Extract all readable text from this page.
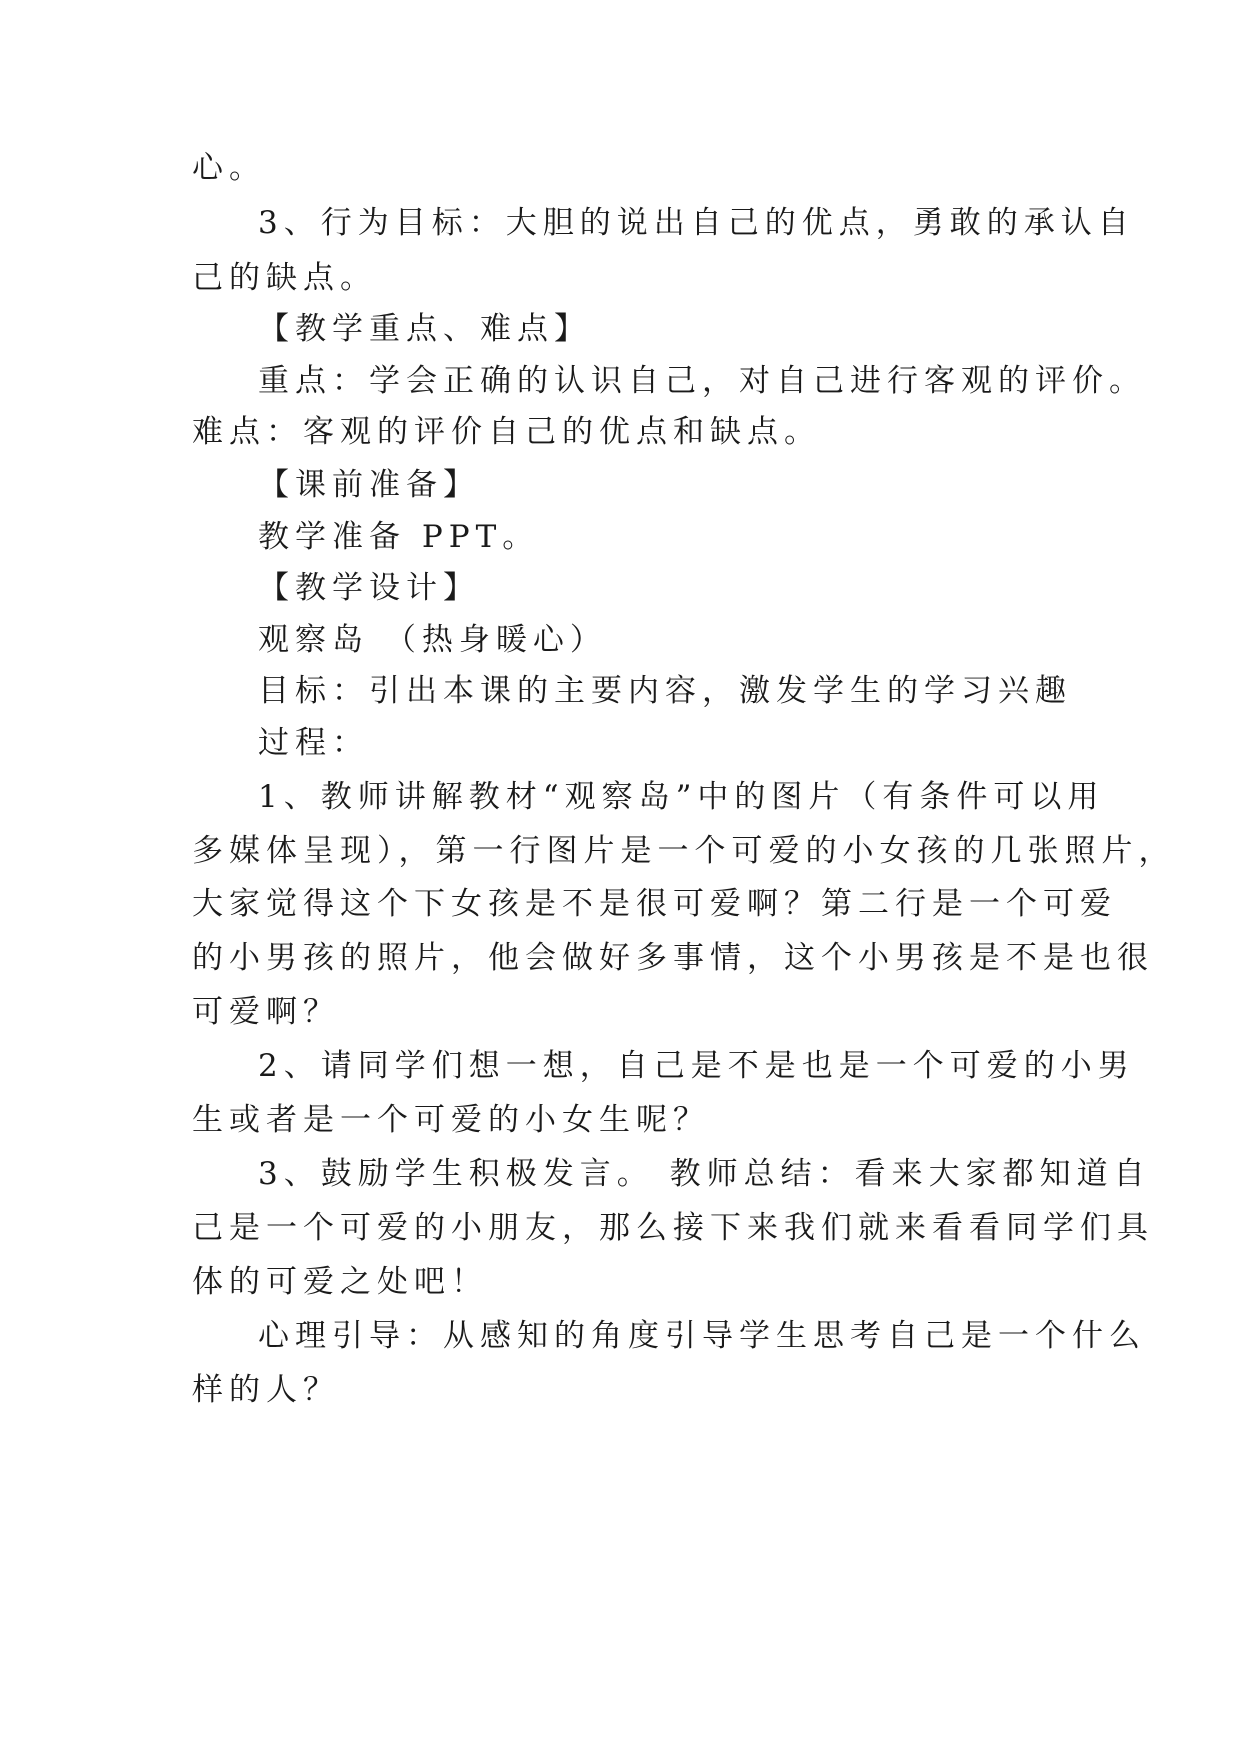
心。
3、行为目标：大胆的说出自己的优点，勇敢的承认自
己的缺点。
【教学重点、难点】
重点：学会正确的认识自己，对自己进行客观的评价。
难点：客观的评价自己的优点和缺点。
【课前准备】
教学准备 PPT。
【教学设计】
观察岛 （热身暖心）
目标：引出本课的主要内容，激发学生的学习兴趣
过程：
1、教师讲解教材“观察岛”中的图片（有条件可以用
多媒体呈现），第一行图片是一个可爱的小女孩的几张照片，
大家觉得这个下女孩是不是很可爱啊？第二行是一个可爱
的小男孩的照片，他会做好多事情，这个小男孩是不是也很
可爱啊？
2、请同学们想一想，自己是不是也是一个可爱的小男
生或者是一个可爱的小女生呢？
3、鼓励学生积极发言。 教师总结：看来大家都知道自
己是一个可爱的小朋友，那么接下来我们就来看看同学们具
体的可爱之处吧！
心理引导：从感知的角度引导学生思考自己是一个什么
样的人？
